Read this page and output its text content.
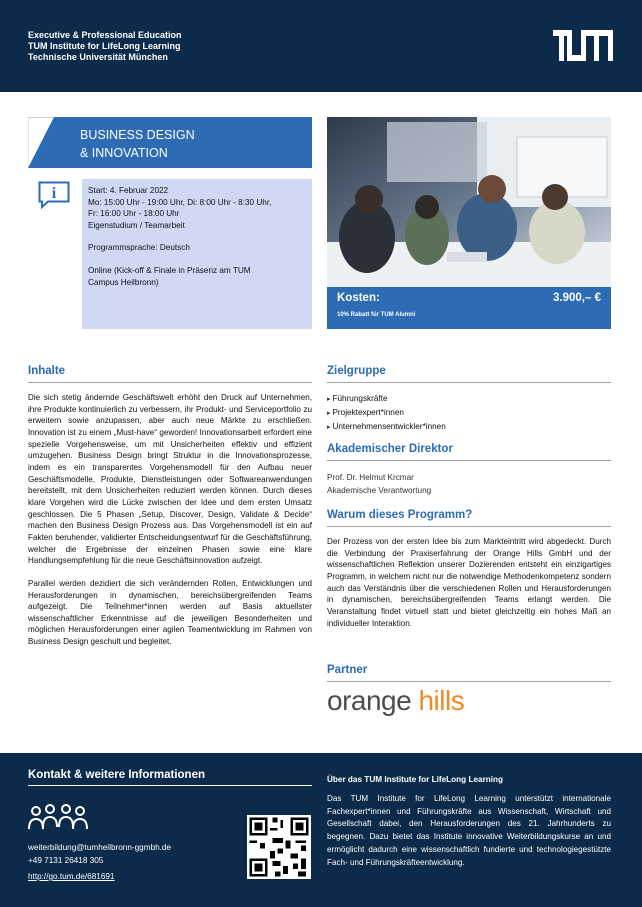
Executive & Professional Education
TUM Institute for LifeLong Learning
Technische Universität München
BUSINESS DESIGN
& INNOVATION
i	Start: 4. Februar 2022

Mo: 15:00 Uhr - 19:00 Uhr, Di: 8:00 Uhr - 8:30 Uhr,

Fr: 16:00 Uhr - 18:00 Uhr

Eigenstudium / Teamarbeit

Programmsprache: Deutsch

Online (Kick-off & Finale in Präsenz am TUM

Campus Heilbronn)

Kosten:	3.900,– €
10% Rabatt für TUM Alumni
Inhalte

Die sich stetig ändernde Geschäftswelt erhöht den Druck auf Unternehmen, ihre Produkte kontinuierlich zu verbessern, ihr Produkt- und Serviceportfolio zu erweitern sowie anzupassen, aber auch neue Märkte zu erschließen. Innovation ist zu einem „Must-have“ geworden! Innovationsarbeit erfordert eine spezielle Vorgehensweise, um mit Unsicherheiten effektiv und effizient umzugehen. Business Design bringt Struktur in die Innovationsprozesse, indem es ein transparentes Vorgehensmodell für den Aufbau neuer Geschäftsmodelle, Produkte, Dienstleistungen oder Softwareanwendungen bereitstellt, mit dem Unsicherheiten reduziert werden können. Durch dieses klare Vorgehen wird die Lücke zwischen der Idee und dem ersten Umsatz geschlossen. Die 5 Phasen „Setup, Discover, Design, Validate & Decide“ machen den Business Design Prozess aus. Das Vorgehensmodell ist ein auf Fakten beruhender, validierter Entscheidungsentwurf für die Geschäftsführung, welcher die Ergebnisse der einzelnen Phasen sowie eine klare Handlungsempfehlung für die neue Geschäftsinnovation aufzeigt.

Parallel werden dezidiert die sich verändernden Rollen, Entwicklungen und Herausforderungen in dynamischen, bereichsübergreifenden Teams aufgezeigt. Die Teilnehmer*innen werden auf Basis aktuellster wissenschaftlicher Erkenntnisse auf die jeweiligen Besonderheiten und möglichen Herausforderungen einer agilen Teamentwicklung im Rahmen von Business Design geschult und begleitet.

Zielgruppe
▸ Führungskräfte
▸ Projektexpert*innen
▸ Unternehmensentwickler*innen
Akademischer Direktor
Prof. Dr. Helmut Krcmar
Akademische Verantwortung
Warum dieses Programm?
Der Prozess von der ersten Idee bis zum Markteintritt wird abgedeckt. Durch die Verbindung der Praxiserfahrung der Orange Hills GmbH und der wissenschaftlichen Reflektion unserer Dozierenden entsteht ein einzigartiges Programm, in welchem nicht nur die notwendige Methodenkompetenz sondern auch das Verständnis über die verschiedenen Rollen und Herausforderungen in dynamischen, bereichsübergreifenden Teams erlangt werden. Die Veranstaltung findet virtuell statt und bietet gleichzeitig ein hohes Maß an individueller Interaktion.
Partner
orange hills
Kontakt & weitere Informationen
weiterbildung@tumheilbronn-ggmbh.de
+49 7131 26418 305
http://go.tum.de/681691
Über das TUM Institute for LifeLong Learning
Das TUM Institute for LifeLong Learning unterstützt internationale Fachexpert*innen und Führungskräfte aus Wissenschaft, Wirtschaft und Gesellschaft dabei, den Herausforderungen des 21. Jahrhunderts zu begegnen. Dazu bietet das Institute innovative Weiterbildungskurse an und ermöglicht dadurch eine wissenschaftlich fundierte und technologiegestützte Fach- und Führungskräfteentwicklung.
